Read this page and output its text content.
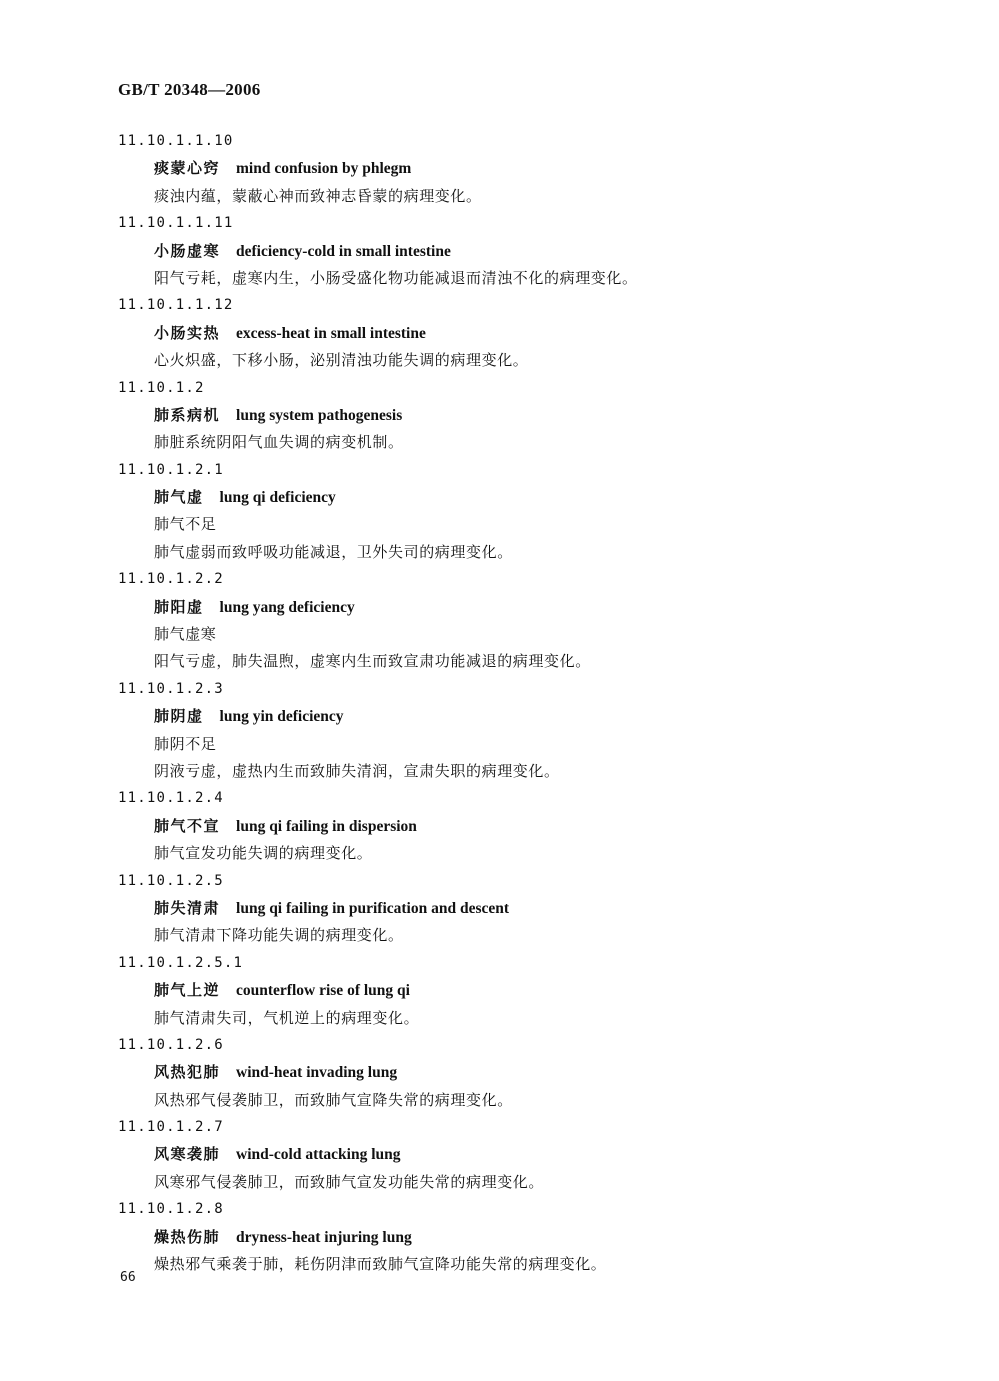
GB/T 20348—2006
11.10.1.1.10
痰蒙心窍 mind confusion by phlegm
痰浊内蕴，蒙蔽心神而致神志昏蒙的病理变化。
11.10.1.1.11
小肠虚寒 deficiency-cold in small intestine
阳气亏耗，虚寒内生，小肠受盛化物功能减退而清浊不化的病理变化。
11.10.1.1.12
小肠实热 excess-heat in small intestine
心火炽盛，下移小肠，泌别清浊功能失调的病理变化。
11.10.1.2
肺系病机 lung system pathogenesis
肺脏系统阴阳气血失调的病变机制。
11.10.1.2.1
肺气虚 lung qi deficiency
肺气不足
肺气虚弱而致呼吸功能减退，卫外失司的病理变化。
11.10.1.2.2
肺阳虚 lung yang deficiency
肺气虚寒
阳气亏虚，肺失温煦，虚寒内生而致宣肃功能减退的病理变化。
11.10.1.2.3
肺阴虚 lung yin deficiency
肺阴不足
阴液亏虚，虚热内生而致肺失清润，宣肃失职的病理变化。
11.10.1.2.4
肺气不宣 lung qi failing in dispersion
肺气宣发功能失调的病理变化。
11.10.1.2.5
肺失清肃 lung qi failing in purification and descent
肺气清肃下降功能失调的病理变化。
11.10.1.2.5.1
肺气上逆 counterflow rise of lung qi
肺气清肃失司，气机逆上的病理变化。
11.10.1.2.6
风热犯肺 wind-heat invading lung
风热邪气侵袭肺卫，而致肺气宣降失常的病理变化。
11.10.1.2.7
风寒袭肺 wind-cold attacking lung
风寒邪气侵袭肺卫，而致肺气宣发功能失常的病理变化。
11.10.1.2.8
燥热伤肺 dryness-heat injuring lung
燥热邪气乘袭于肺，耗伤阴津而致肺气宣降功能失常的病理变化。
66
